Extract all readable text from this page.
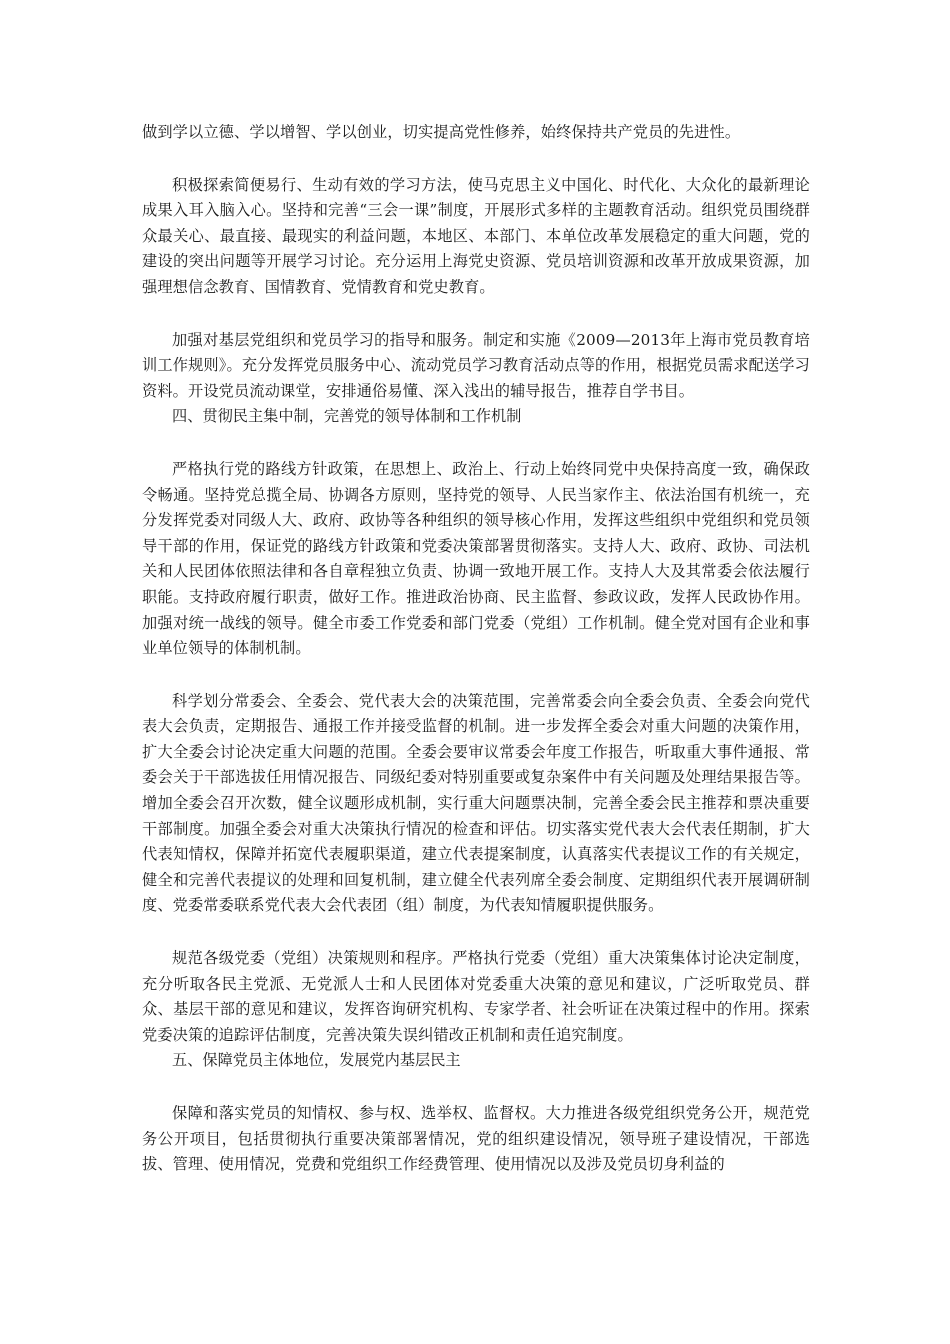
做到学以立德、学以增智、学以创业，切实提高党性修养，始终保持共产党员的先进性。

积极探索简便易行、生动有效的学习方法，使马克思主义中国化、时代化、大众化的最新理论成果入耳入脑入心。坚持和完善“三会一课”制度，开展形式多样的主题教育活动。组织党员围绕群众最关心、最直接、最现实的利益问题，本地区、本部门、本单位改革发展稳定的重大问题，党的建设的突出问题等开展学习讨论。充分运用上海党史资源、党员培训资源和改革开放成果资源，加强理想信念教育、国情教育、党情教育和党史教育。

加强对基层党组织和党员学习的指导和服务。制定和实施《2009—2013年上海市党员教育培训工作规则》。充分发挥党员服务中心、流动党员学习教育活动点等的作用，根据党员需求配送学习资料。开设党员流动课堂，安排通俗易懂、深入浅出的辅导报告，推荐自学书目。

四、贯彻民主集中制，完善党的领导体制和工作机制

严格执行党的路线方针政策，在思想上、政治上、行动上始终同党中央保持高度一致，确保政令畅通。坚持党总揽全局、协调各方原则，坚持党的领导、人民当家作主、依法治国有机统一，充分发挥党委对同级人大、政府、政协等各种组织的领导核心作用，发挥这些组织中党组织和党员领导干部的作用，保证党的路线方针政策和党委决策部署贯彻落实。支持人大、政府、政协、司法机关和人民团体依照法律和各自章程独立负责、协调一致地开展工作。支持人大及其常委会依法履行职能。支持政府履行职责，做好工作。推进政治协商、民主监督、参政议政，发挥人民政协作用。加强对统一战线的领导。健全市委工作党委和部门党委（党组）工作机制。健全党对国有企业和事业单位领导的体制机制。

科学划分常委会、全委会、党代表大会的决策范围，完善常委会向全委会负责、全委会向党代表大会负责，定期报告、通报工作并接受监督的机制。进一步发挥全委会对重大问题的决策作用，扩大全委会讨论决定重大问题的范围。全委会要审议常委会年度工作报告，听取重大事件通报、常委会关于干部选拔任用情况报告、同级纪委对特别重要或复杂案件中有关问题及处理结果报告等。增加全委会召开次数，健全议题形成机制，实行重大问题票决制，完善全委会民主推荐和票决重要干部制度。加强全委会对重大决策执行情况的检查和评估。切实落实党代表大会代表任期制，扩大代表知情权，保障并拓宽代表履职渠道，建立代表提案制度，认真落实代表提议工作的有关规定，健全和完善代表提议的处理和回复机制，建立健全代表列席全委会制度、定期组织代表开展调研制度、党委常委联系党代表大会代表团（组）制度，为代表知情履职提供服务。

规范各级党委（党组）决策规则和程序。严格执行党委（党组）重大决策集体讨论决定制度，充分听取各民主党派、无党派人士和人民团体对党委重大决策的意见和建议，广泛听取党员、群众、基层干部的意见和建议，发挥咨询研究机构、专家学者、社会听证在决策过程中的作用。探索党委决策的追踪评估制度，完善决策失误纠错改正机制和责任追究制度。

五、保障党员主体地位，发展党内基层民主

保障和落实党员的知情权、参与权、选举权、监督权。大力推进各级党组织党务公开，规范党务公开项目，包括贯彻执行重要决策部署情况，党的组织建设情况，领导班子建设情况，干部选拔、管理、使用情况，党费和党组织工作经费管理、使用情况以及涉及党员切身利益的
